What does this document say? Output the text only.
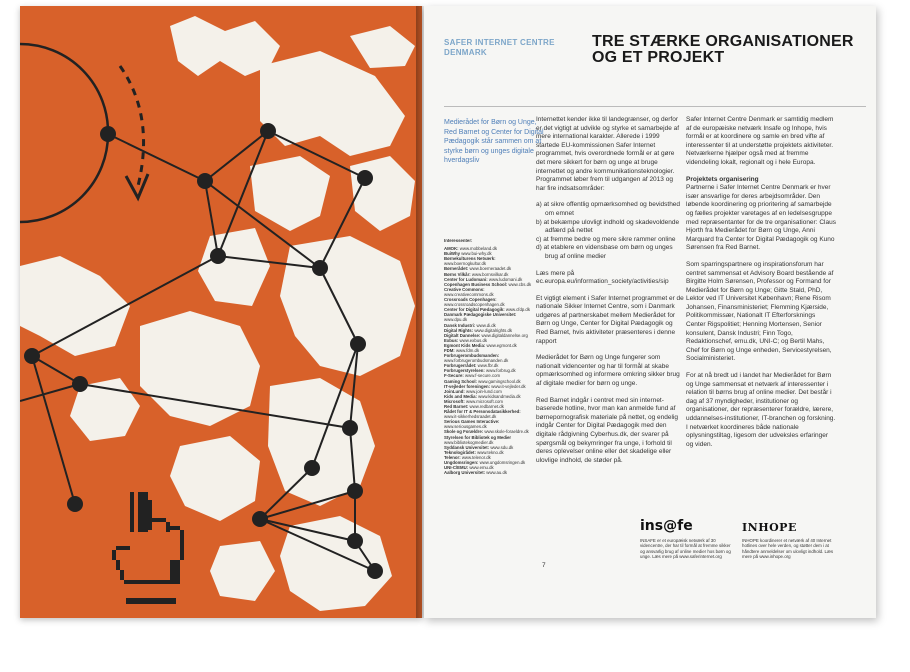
SAFER INTERNET CENTRE
DENMARK
TRE STÆRKE ORGANISATIONER
OG ET PROJEKT
Medierådet for Børn og Unge, Red Barnet og Center for Digital Pædagogik står sammen om at styrke børn og unges digitale hverdagsliv
Interessenter:
AMOK: www.mobbeland.dk
BuiWhy www.bui-why.dk
Børnekulturens Netværk: www.boernogkultur.dk
Børnerådet: www.boerneraadet.dk
Børns Vilkår: www.bornsvilkar.dk
Center for Ludomani: www.ludomani.dk
Copenhagen Business School: www.cbs.dk
Creative Commons: www.creativecommons.dk
Crossroads Copenhagen: www.crossroadscopenhagen.dk
Center for Digital Pædagogik: www.cfdp.dk
Danmark Pædagogiske Universitet: www.dpu.dk
Dansk Industri: www.di.dk
Digital Rights: www.digitalrights.dk
Digitalt Dannelse: www.digitaldannelse.org
Exbus: www.exbus.dk
Egmont Kids Media: www.egmont.dk
FDM: www.fdm.dk
Forbrugerombudsmanden: www.forbrugerombudsmanden.dk
Forbrugerrådet: www.fbr.dk
Forbrugerstyrelsen: www.forbrug.dk
F-Secure: www.f-secure.com
Gaming School: www.gamingschool.dk
IT-vejleder foreningen: www.it-vejleder.dk
JoinLund: www.join-lund.com
Kids and Media: www.kidsandmedia.dk
Microsoft: www.microsoft.com
Red Barnet: www.redbarnet.dk
Rådet for IT & Personsdatasikkerhed: www.it-sikkerhedsraadet.dk
Serious Games Interactive: www.seriousgames.dk
Skole og Forældre: www.skole-foraeldre.dk
Styrelsen for Bibliotek og Medier www.bibliotekogmedier.dk
Syddansk Universitet: www.sdu.dk
Teknologirådet: www.tekno.dk
Telenor: www.telenor.dk
Ungdomsringen: www.ungdomsringen.dk
UNI-C/EMU: www.emu.dk
Aalborg Universitet: www.au.dk

Internettet kender ikke til landegrænser, og derfor er det vigtigt at udvikle og styrke et samarbejde af mere international karakter. Allerede i 1999 startede EU-kommissionen Safer Internet programmet, hvis overordnede formål er at gøre det mere sikkert for børn og unge at bruge internettet og andre kommunikationsteknologier. Programmet løber frem til udgangen af 2013 og har fire indsatsområder:

a) at sikre offentlig opmærksomhed og bevidsthed om emnet
b) at bekæmpe ulovligt indhold og skadevoldende adfærd på nettet
c) at fremme bedre og mere sikre rammer online
d) at etablere en vidensbase om børn og unges brug af online medier

Læs mere på ec.europa.eu/information_society/activities/sip

Et vigtigt element i Safer Internet programmet er de nationale Sikker Internet Centre, som i Danmark udgøres af partnerskabet mellem Medierådet for Børn og Unge, Center for Digital Pædagogik og Red Barnet, hvis aktiviteter præsenteres i denne rapport

Medierådet for Børn og Unge fungerer som nationalt videncenter og har til formål at skabe opmærksomhed og informere omkring sikker brug af digitale medier for børn og unge.

Red Barnet indgår i centret med sin internet-baserede hotline, hvor man kan anmelde fund af børnepornografisk materiale på nettet, og endelig indgår Center for Digital Pædagogik med den digitale rådgivning Cyberhus.dk, der svarer på spørgsmål og bekymringer fra unge, i forhold til deres oplevelser online eller det skadelige eller ulovlige indhold, de støder på.

Safer Internet Centre Denmark er samtidig medlem af de europæiske netværk Insafe og Inhope, hvis formål er at koordinere og samle en bred vifte af interessenter til at understøtte projektets aktiviteter. Netværkerne hjælper også med at fremme videndeling lokalt, regionalt og i hele Europa.

Projektets organisering

Partnerne i Safer Internet Centre Denmark er hver især ansvarlige for deres arbejdsområder. Den løbende koordinering og prioritering af samarbejde og fælles projekter varetages af en ledelsesgruppe med repræsentanter for de tre organisationer: Claus Hjorth fra Medierådet for Børn og Unge, Anni Marquard fra Center for Digital Pædagogik og Kuno Sørensen fra Red Barnet.

Som sparringspartnere og inspirationsforum har centret sammensat et Advisory Board bestående af Birgitte Holm Sørensen, Professor og Formand for Medierådet for Børn og Unge; Gitte Stald, PhD, Lektor ved IT Universitet København; Rene Risom Johansen, Finansministeriet; Flemming Kjærside, Politikommissær, Nationalt IT Efterforsknings Center Rigspolitiet; Henning Mortensen, Senior konsulent, Dansk Industri; Finn Togo, Redaktionschef, emu.dk, UNI-C; og Bertil Mahs, Chef for Børn og Unge enheden, Servicestyrelsen, Socialministeriet.

For at nå bredt ud i landet har Medierådet for Børn og Unge sammensat et netværk af interessenter i relation til børns brug af online medier. Det består i dag af 37 myndigheder, institutioner og organisationer, der repræsenterer forældre, lærere, uddannelses-institutioner, IT-branchen og forskning. I netværket koordineres både nationale oplysningstiltag, ligesom der udveksles erfaringer og viden.

7
ins@fe
INSAFE er et europæisk netværk af 30 videncentre, der har til formål at fremme sikker og ansvarlig brug af online medier hos børn og unge. Læs mere på www.saferinternet.org
INHOPE
INHOPE koordinerer et netværk af 40 Internet hotlines over hele verden, og støtter dem i at håndtere anmeldelser om ulovligt indhold. Læs mere på www.inhope.org
